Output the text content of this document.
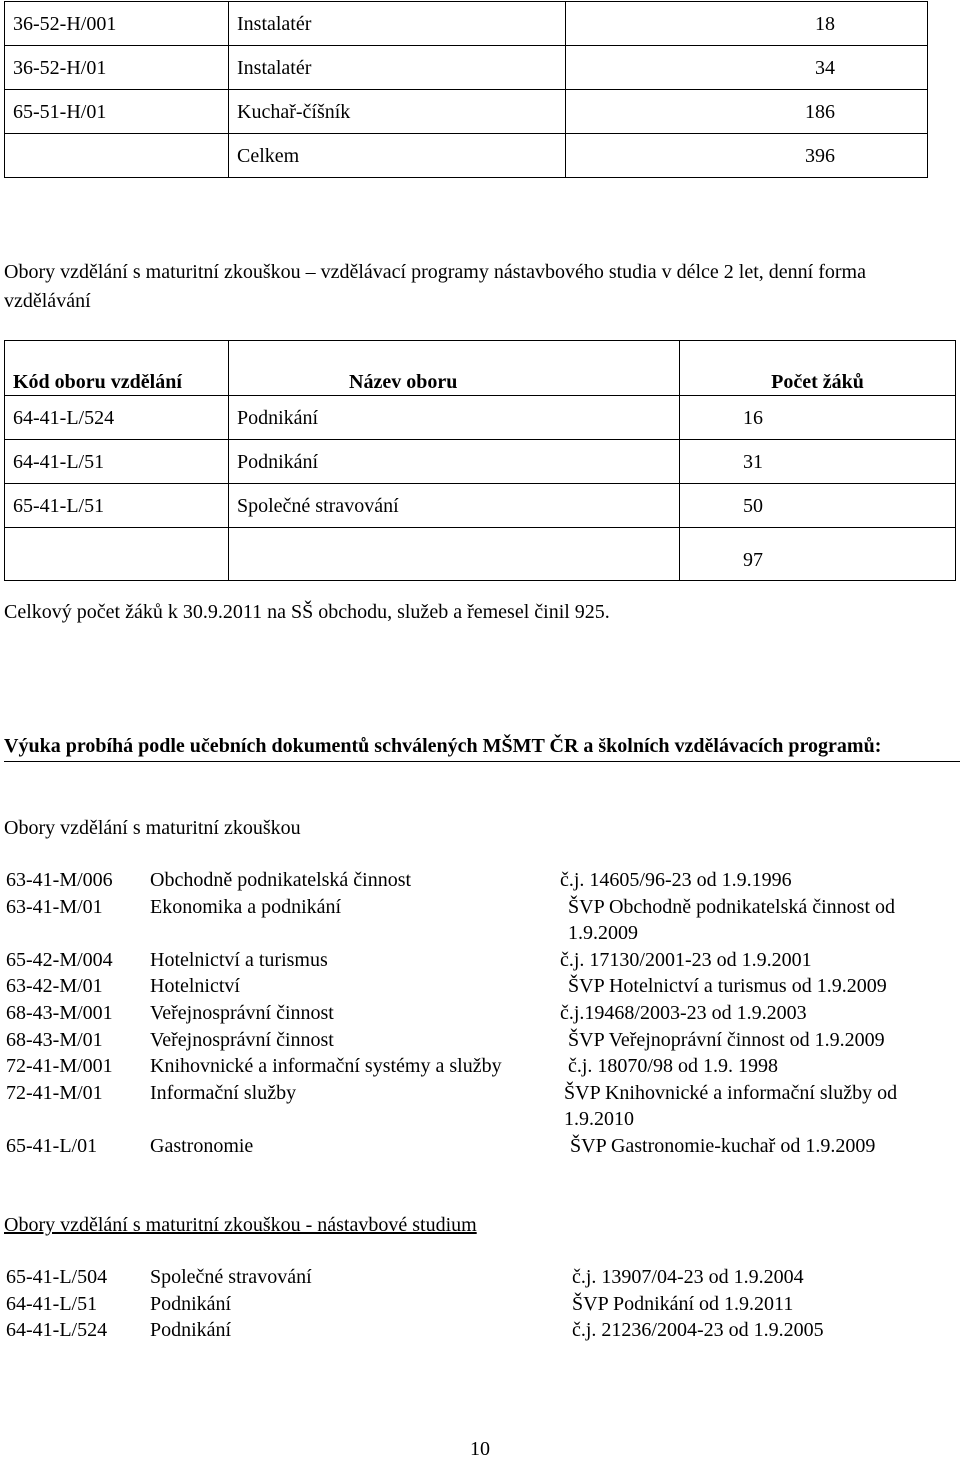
36-52-H/001	Instalatér	18
36-52-H/01	Instalatér	34
65-51-H/01	Kuchař-číšník	186
	Celkem	396
Obory vzdělání s maturitní zkouškou – vzdělávací programy nástavbového studia v délce 2 let, denní forma vzdělávání
Kód oboru vzdělání	Název oboru	Počet žáků
64-41-L/524	Podnikání	16
64-41-L/51	Podnikání	31
65-41-L/51	Společné stravování	50
		97
Celkový počet žáků k 30.9.2011 na SŠ obchodu, služeb a řemesel činil 925.
Výuka probíhá podle učebních dokumentů schválených MŠMT ČR a školních vzdělávacích programů:
Obory vzdělání s maturitní zkouškou
63-41-M/006 Obchodně podnikatelská činnost	č.j. 14605/96-23 od 1.9.1996
63-41-M/01 Ekonomika a podnikání	ŠVP Obchodně podnikatelská činnost od 1.9.2009
65-42-M/004 Hotelnictví a turismus	č.j. 17130/2001-23 od 1.9.2001
63-42-M/01 Hotelnictví	ŠVP Hotelnictví a turismus od 1.9.2009
68-43-M/001 Veřejnosprávní činnost	č.j.19468/2003-23 od 1.9.2003
68-43-M/01 Veřejnosprávní činnost	ŠVP Veřejnoprávní činnost od 1.9.2009
72-41-M/001 Knihovnické a informační systémy a služby	č.j. 18070/98 od 1.9. 1998
72-41-M/01 Informační služby	ŠVP Knihovnické a informační služby od 1.9.2010
65-41-L/01	Gastronomie	ŠVP Gastronomie-kuchař od 1.9.2009
Obory vzdělání s maturitní zkouškou - nástavbové studium
65-41-L/504 Společné stravování	č.j. 13907/04-23 od 1.9.2004
64-41-L/51	Podnikání	ŠVP Podnikání od 1.9.2011
64-41-L/524 Podnikání	č.j. 21236/2004-23 od 1.9.2005
10
